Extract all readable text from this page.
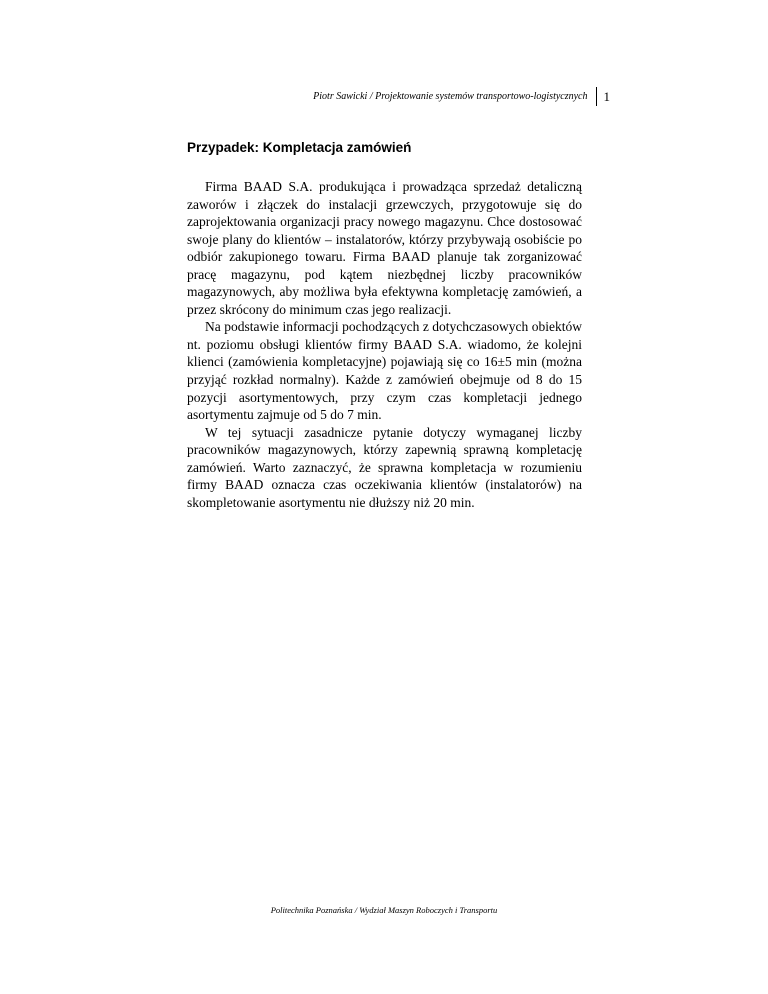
Piotr Sawicki / Projektowanie systemów transportowo-logistycznych	1
Przypadek: Kompletacja zamówień

Firma BAAD S.A. produkująca i prowadząca sprzedaż detaliczną zaworów i złączek do instalacji grzewczych, przygotowuje się do zaprojektowania organizacji pracy nowego magazynu. Chce dostosować swoje plany do klientów – instalatorów, którzy przybywają osobiście po odbiór zakupionego towaru. Firma BAAD planuje tak zorganizować pracę magazynu, pod kątem niezbędnej liczby pracowników magazynowych, aby możliwa była efektywna kompletację zamówień, a przez skrócony do minimum czas jego realizacji.

Na podstawie informacji pochodzących z dotychczasowych obiektów nt. poziomu obsługi klientów firmy BAAD S.A. wiadomo, że kolejni klienci (zamówienia kompletacyjne) pojawiają się co 16±5 min (można przyjąć rozkład normalny). Każde z zamówień obejmuje od 8 do 15 pozycji asortymentowych, przy czym czas kompletacji jednego asortymentu zajmuje od 5 do 7 min.

W tej sytuacji zasadnicze pytanie dotyczy wymaganej liczby pracowników magazynowych, którzy zapewnią sprawną kompletację zamówień. Warto zaznaczyć, że sprawna kompletacja w rozumieniu firmy BAAD oznacza czas oczekiwania klientów (instalatorów) na skompletowanie asortymentu nie dłuższy niż 20 min.

Politechnika Poznańska / Wydział Maszyn Roboczych i Transportu
